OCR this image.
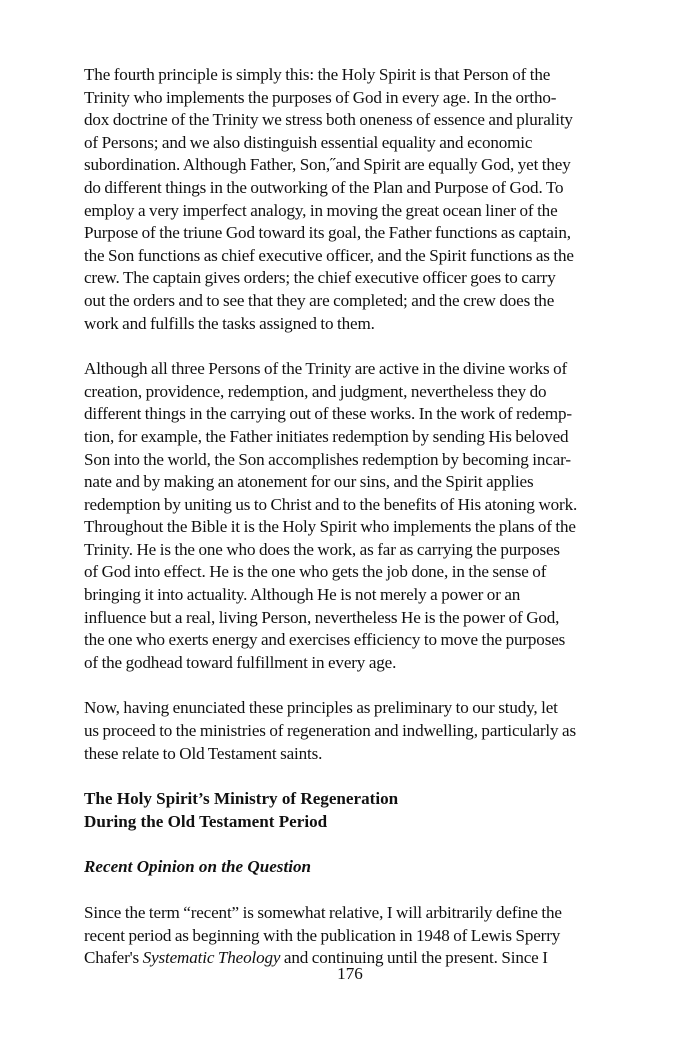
The fourth principle is simply this: the Holy Spirit is that Person of the
Trinity who implements the purposes of God in every age. In the ortho-
dox doctrine of the Trinity we stress both oneness of essence and plurality
of Persons; and we also distinguish essential equality and economic
subordination. Although Father, Son,˝and Spirit are equally God, yet they
do different things in the outworking of the Plan and Purpose of God. To
employ a very imperfect analogy, in moving the great ocean liner of the
Purpose of the triune God toward its goal, the Father functions as captain,
the Son functions as chief executive officer, and the Spirit functions as the
crew. The captain gives orders; the chief executive officer goes to carry
out the orders and to see that they are completed; and the crew does the
work and fulfills the tasks assigned to them.

Although all three Persons of the Trinity are active in the divine works of
creation, providence, redemption, and judgment, nevertheless they do
different things in the carrying out of these works. In the work of redemp-
tion, for example, the Father initiates redemption by sending His beloved
Son into the world, the Son accomplishes redemption by becoming incar-
nate and by making an atonement for our sins, and the Spirit applies
redemption by uniting us to Christ and to the benefits of His atoning work.
Throughout the Bible it is the Holy Spirit who implements the plans of the
Trinity. He is the one who does the work, as far as carrying the purposes
of God into effect. He is the one who gets the job done, in the sense of
bringing it into actuality. Although He is not merely a power or an
influence but a real, living Person, nevertheless He is the power of God,
the one who exerts energy and exercises efficiency to move the purposes
of the godhead toward fulfillment in every age.

Now, having enunciated these principles as preliminary to our study, let
us proceed to the ministries of regeneration and indwelling, particularly as
these relate to Old Testament saints.

The Holy Spirit’s Ministry of Regeneration
During the Old Testament Period
Recent Opinion on the Question

Since the term “recent” is somewhat relative, I will arbitrarily define the
recent period as beginning with the publication in 1948 of Lewis Sperry
Chafer's Systematic Theology and continuing until the present. Since I

176
